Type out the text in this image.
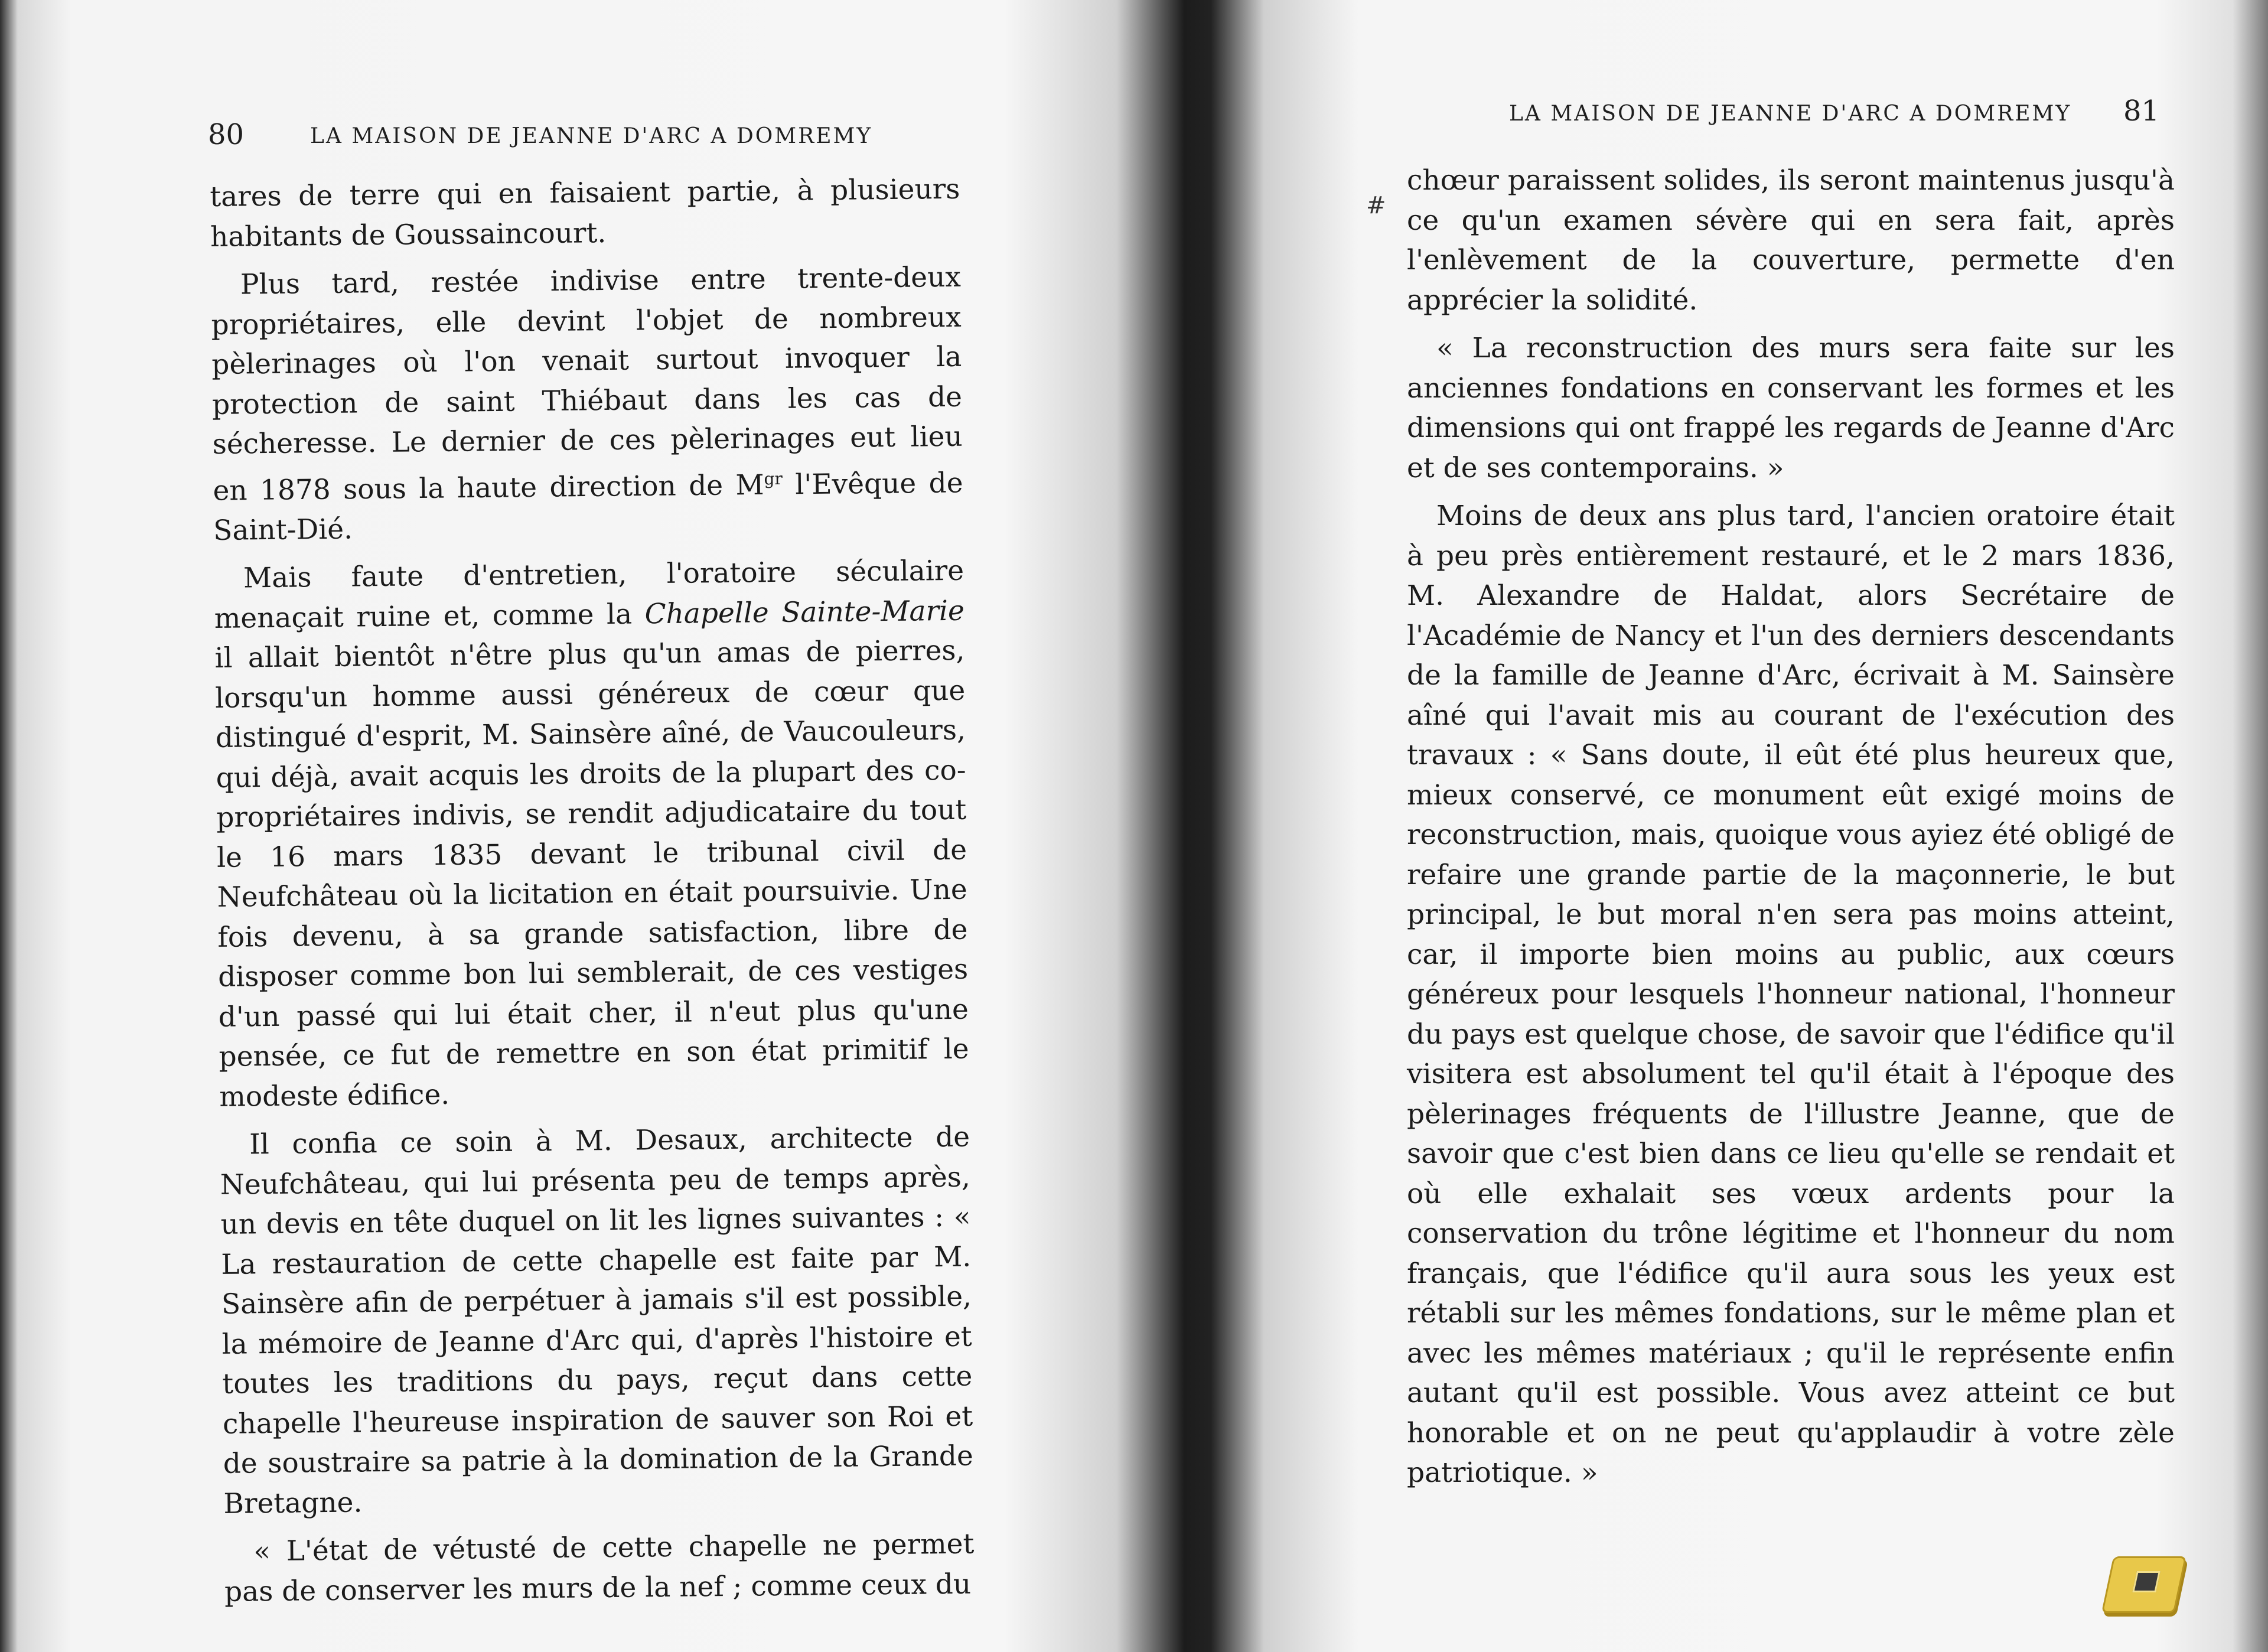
80	LA MAISON DE JEANNE D'ARC A DOMREMY

tares de terre qui en faisaient partie, à plusieurs habitants de Goussaincourt.

Plus tard, restée indivise entre trente-deux propriétaires, elle devint l'objet de nombreux pèlerinages où l'on venait surtout invoquer la protection de saint Thiébaut dans les cas de sécheresse. Le dernier de ces pèlerinages eut lieu en 1878 sous la haute direction de $M^{gr}$ l'Evêque de Saint-Dié.

Mais faute d'entretien, l'oratoire séculaire menaçait ruine et, comme la Chapelle Sainte-Marie il allait bientôt n'être plus qu'un amas de pierres, lorsqu'un homme aussi généreux de cœur que distingué d'esprit, M. Sainsère aîné, de Vaucouleurs, qui déjà, avait acquis les droits de la plupart des co-propriétaires indivis, se rendit adjudicataire du tout le 16 mars 1835 devant le tribunal civil de Neufchâteau où la licitation en était poursuivie. Une fois devenu, à sa grande satisfaction, libre de disposer comme bon lui semblerait, de ces vestiges d'un passé qui lui était cher, il n'eut plus qu'une pensée, ce fut de remettre en son état primitif le modeste édifice.

Il confia ce soin à M. Desaux, architecte de Neufchâteau, qui lui présenta peu de temps après, un devis en tête duquel on lit les lignes suivantes : « La restauration de cette chapelle est faite par M. Sainsère afin de perpétuer à jamais s'il est possible, la mémoire de Jeanne d'Arc qui, d'après l'histoire et toutes les traditions du pays, reçut dans cette chapelle l'heureuse inspiration de sauver son Roi et de soustraire sa patrie à la domination de la Grande Bretagne.

« L'état de vétusté de cette chapelle ne permet pas de conserver les murs de la nef ; comme ceux du

#
LA MAISON DE JEANNE D'ARC A DOMREMY 81

chœur paraissent solides, ils seront maintenus jusqu'à ce qu'un examen sévère qui en sera fait, après l'enlèvement de la couverture, permette d'en apprécier la solidité.

« La reconstruction des murs sera faite sur les anciennes fondations en conservant les formes et les dimensions qui ont frappé les regards de Jeanne d'Arc et de ses contemporains. »

Moins de deux ans plus tard, l'ancien oratoire était à peu près entièrement restauré, et le 2 mars 1836, M. Alexandre de Haldat, alors Secrétaire de l'Académie de Nancy et l'un des derniers descendants de la famille de Jeanne d'Arc, écrivait à M. Sainsère aîné qui l'avait mis au courant de l'exécution des travaux : « Sans doute, il eût été plus heureux que, mieux conservé, ce monument eût exigé moins de reconstruction, mais, quoique vous ayiez été obligé de refaire une grande partie de la maçonnerie, le but principal, le but moral n'en sera pas moins atteint, car, il importe bien moins au public, aux cœurs généreux pour lesquels l'honneur national, l'honneur du pays est quelque chose, de savoir que l'édifice qu'il visitera est absolument tel qu'il était à l'époque des pèlerinages fréquents de l'illustre Jeanne, que de savoir que c'est bien dans ce lieu qu'elle se rendait et où elle exhalait ses vœux ardents pour la conservation du trône légitime et l'honneur du nom français, que l'édifice qu'il aura sous les yeux est rétabli sur les mêmes fondations, sur le même plan et avec les mêmes matériaux ; qu'il le représente enfin autant qu'il est possible. Vous avez atteint ce but honorable et on ne peut qu'applaudir à votre zèle patriotique. »
